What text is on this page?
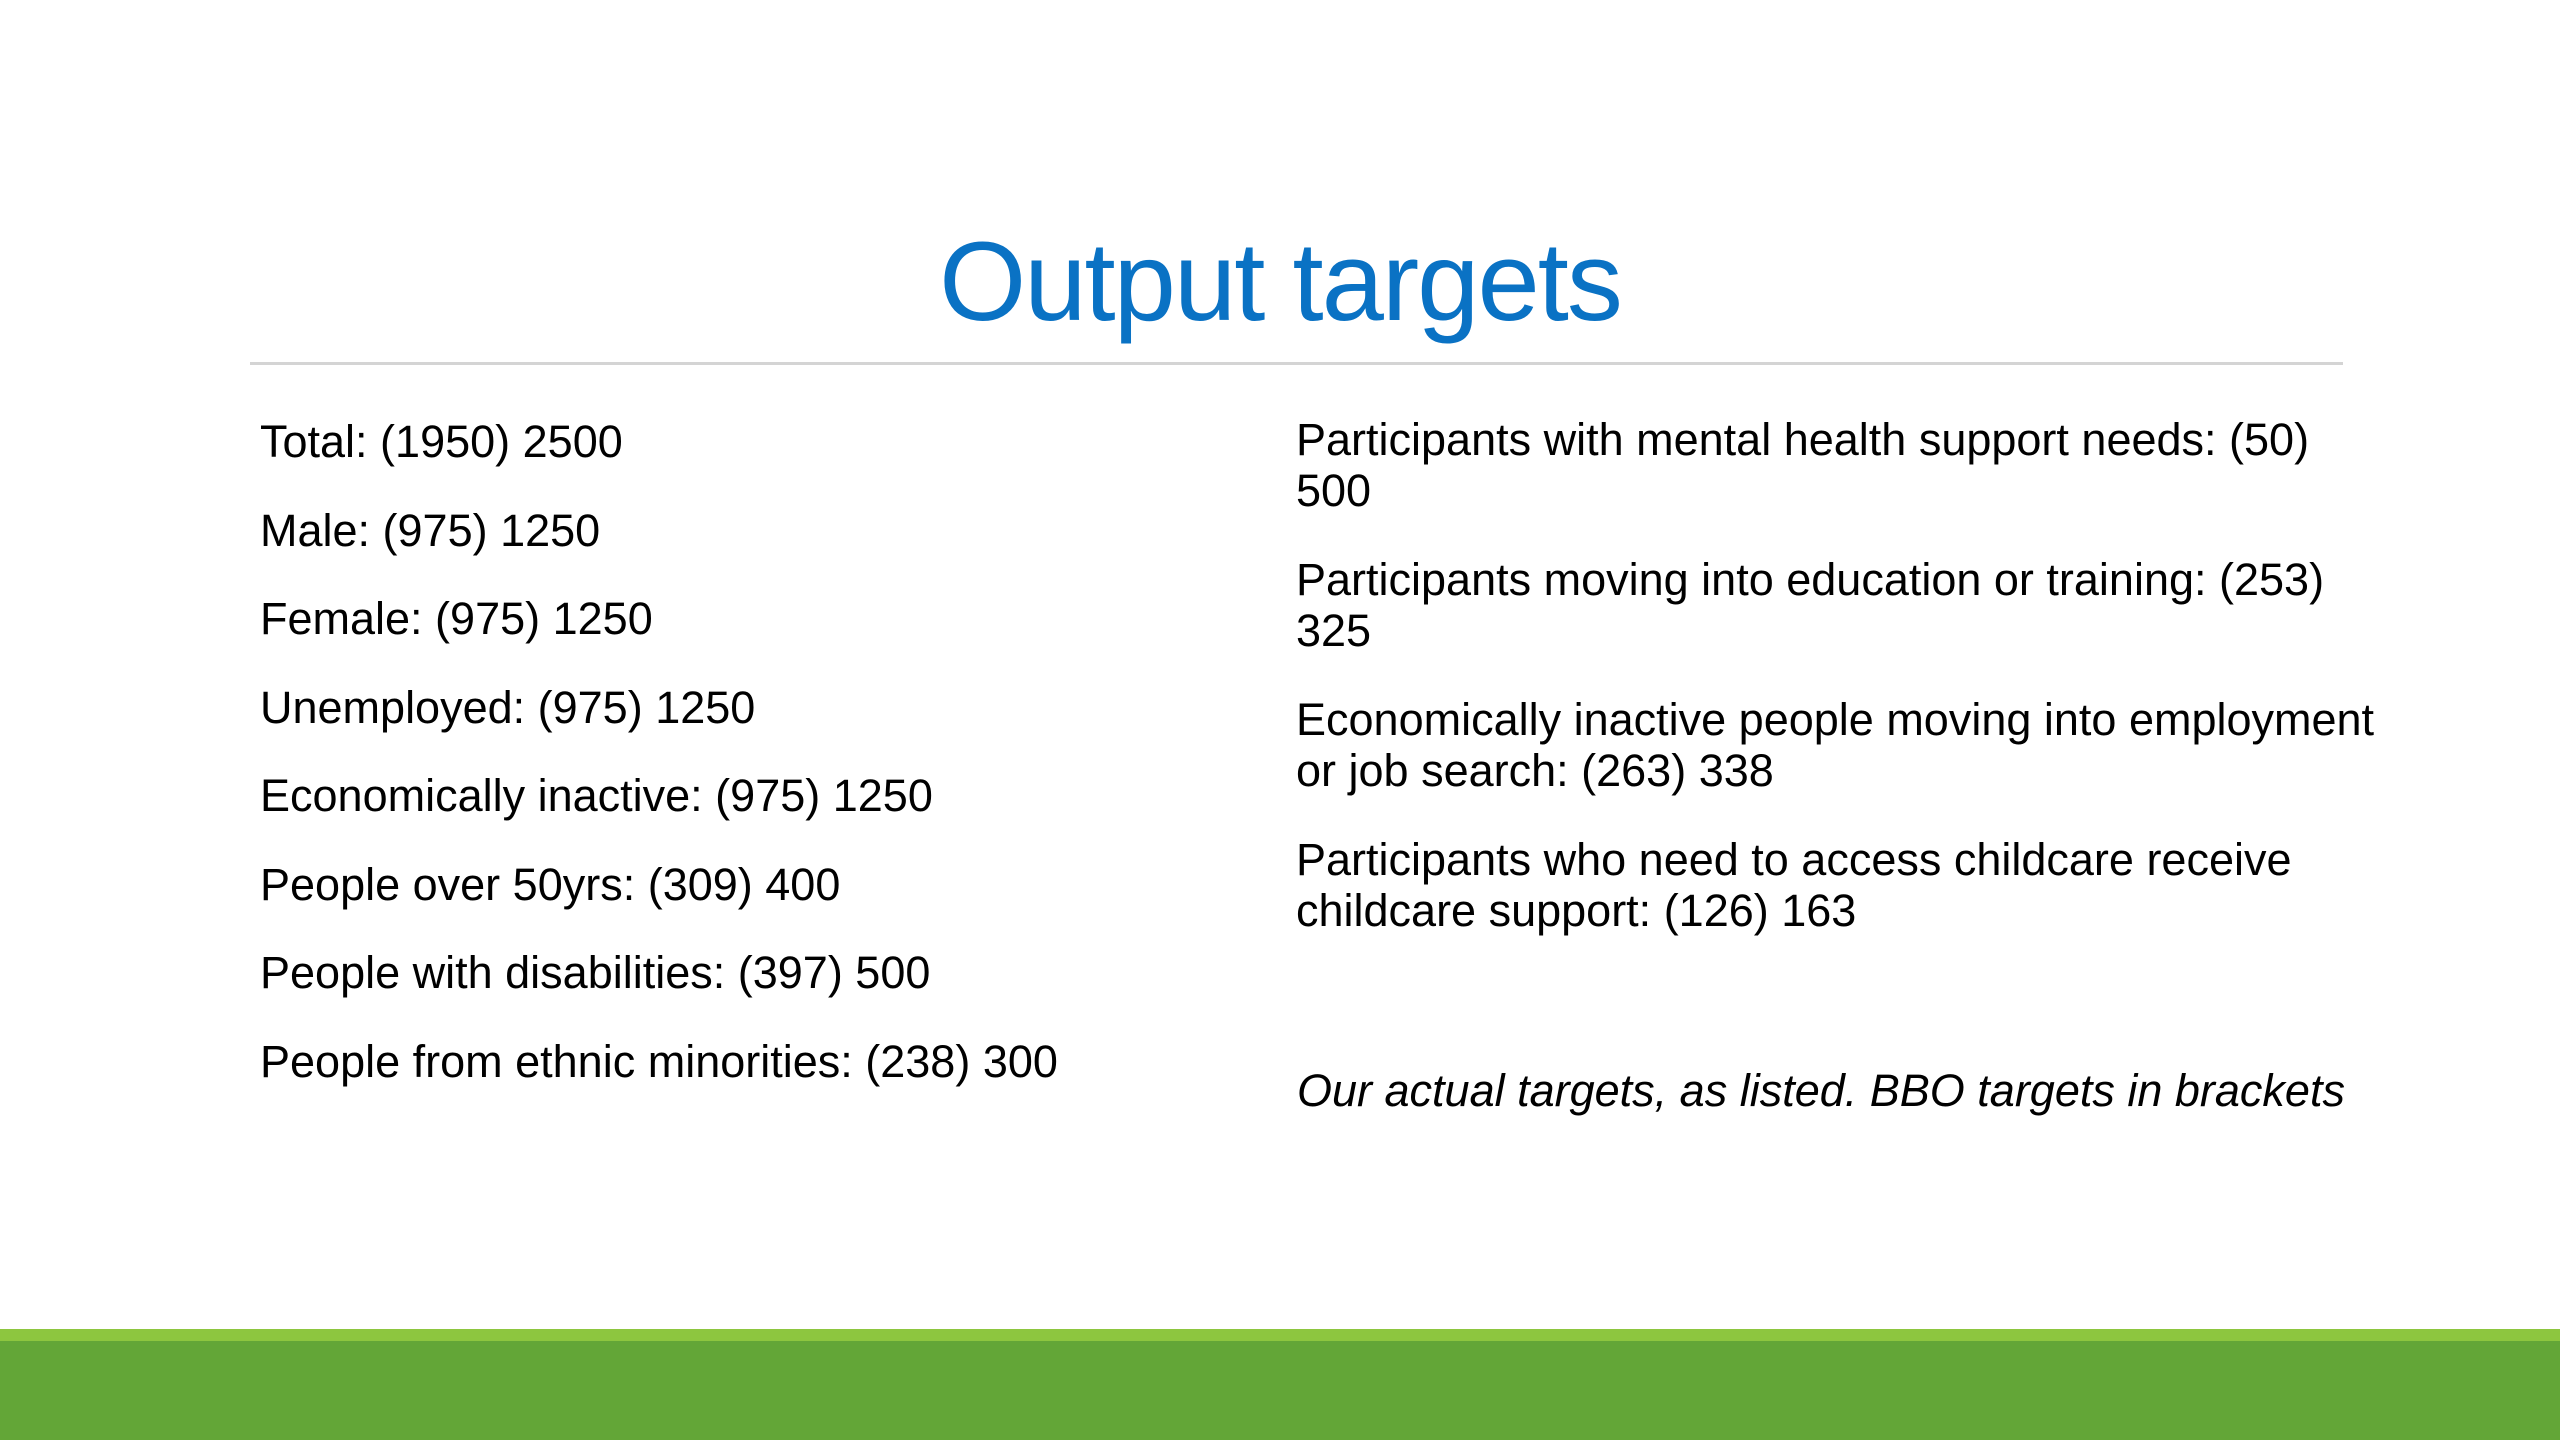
Output targets
Total: (1950) 2500
Male: (975) 1250
Female: (975) 1250
Unemployed: (975) 1250
Economically inactive: (975) 1250
People over 50yrs: (309) 400
People with disabilities: (397) 500
People from ethnic minorities: (238) 300
Participants with mental health support needs: (50) 500
Participants moving into education or training: (253) 325
Economically inactive people moving into employment or job search: (263) 338
Participants who need to access childcare receive childcare support: (126) 163

Our actual targets, as listed. BBO targets in brackets
